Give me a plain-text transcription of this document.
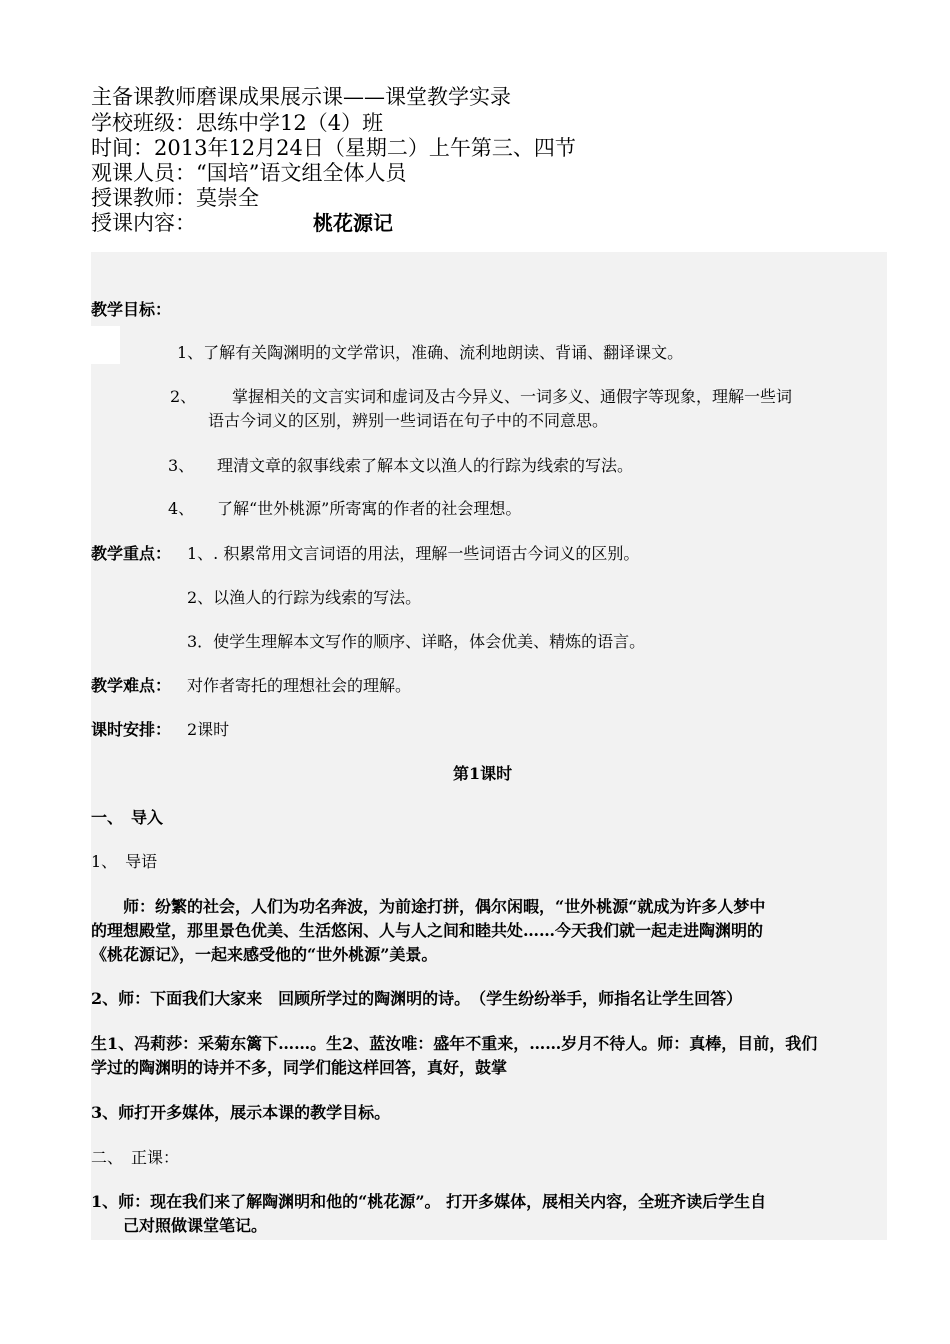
主备课教师磨课成果展示课——课堂教学实录
学校班级：思练中学12（4）班
时间：2013年12月24日（星期二）上午第三、四节
观课人员：“国培”语文组全体人员
授课教师：莫崇全
授课内容：	桃花源记
教学目标：
1、了解有关陶渊明的文学常识，准确、流利地朗读、背诵、翻译课文。
2、 掌握相关的文言实词和虚词及古今异义、一词多义、通假字等现象，理解一些词
语古今词义的区别，辨别一些词语在句子中的不同意思。
3、 理清文章的叙事线索了解本文以渔人的行踪为线索的写法。
4、 了解“世外桃源”所寄寓的作者的社会理想。
教学重点： 1、. 积累常用文言词语的用法，理解一些词语古今词义的区别。
2、以渔人的行踪为线索的写法。
3．使学生理解本文写作的顺序、详略，体会优美、精炼的语言。
教学难点： 对作者寄托的理想社会的理解。
课时安排： 2课时
第1课时
一、　导入
1、　导语
师：纷繁的社会，人们为功名奔波，为前途打拼，偶尔闲暇，“世外桃源“就成为许多人梦中
的理想殿堂，那里景色优美、生活悠闲、人与人之间和睦共处……今天我们就一起走进陶渊明的
《桃花源记》，一起来感受他的“世外桃源”美景。
2、师：下面我们大家来　回顾所学过的陶渊明的诗。　（学生纷纷举手，师指名让学生回答）
生1、冯莉莎：采菊东篱下……。生2、蓝汝唯：盛年不重来，……岁月不待人。师：真棒，目前，我们
学过的陶渊明的诗并不多，同学们能这样回答，真好，鼓掌
3、师打开多媒体，展示本课的教学目标。
二、　正课：
1、师：现在我们来了解陶渊明和他的“桃花源”。 打开多媒体，展相关内容，全班齐读后学生自
己对照做课堂笔记。
